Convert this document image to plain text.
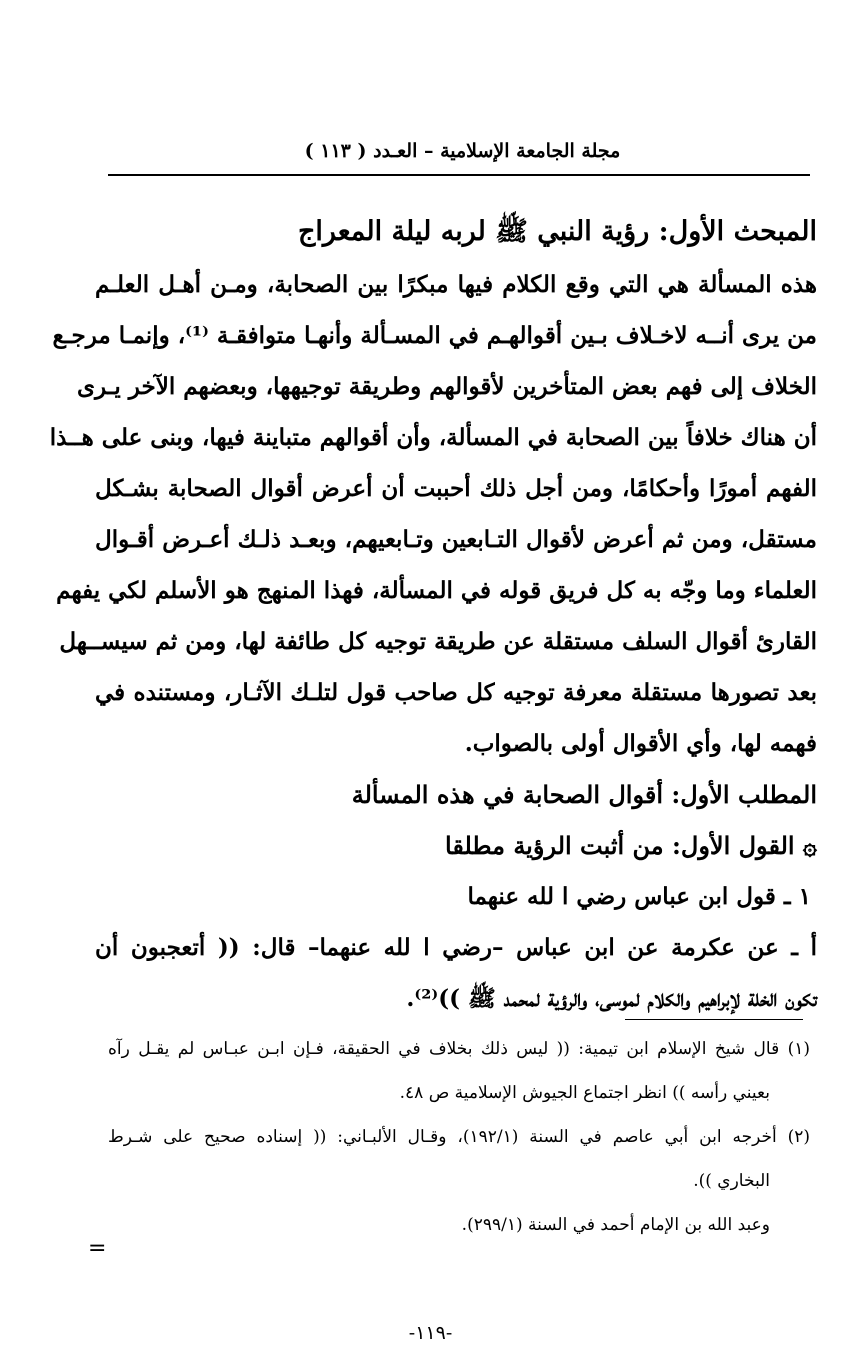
مجلة الجامعة الإسلامية – العـدد ( ١١٣ )
المبحث الأول: رؤية النبي ﷺ لربه ليلة المعراج
هذه المسألة هي التي وقع الكلام فيها مبكرًا بين الصحابة، ومـن أهـل العلـم
من يرى أنــه لاخـلاف بـين أقوالهـم في المسـألة وأنهـا متوافقـة ⁽¹⁾، وإنمـا مرجـع
الخلاف إلى فهم بعض المتأخرين لأقوالهم وطريقة توجيهها، وبعضهم الآخر يـرى
أن هناك خلافاً بين الصحابة في المسألة، وأن أقوالهم متباينة فيها، وبنى على هــذا
الفهم أمورًا وأحكامًا، ومن أجل ذلك أحببت أن أعرض أقوال الصحابة بشـكل
مستقل، ومن ثم أعرض لأقوال التـابعين وتـابعيهم، وبعـد ذلـك أعـرض أقـوال
العلماء وما وجّه به كل فريق قوله في المسألة، فهذا المنهج هو الأسلم لكي يفهم
القارئ أقوال السلف مستقلة عن طريقة توجيه كل طائفة لها، ومن ثم سيســهل
بعد تصورها مستقلة معرفة توجيه كل صاحب قول لتلـك الآثـار، ومستنده في
فهمه لها، وأي الأقوال أولى بالصواب.
المطلب الأول: أقوال الصحابة في هذه المسألة
۞ القول الأول: من أثبت الرؤية مطلقا
١ ـ قول ابن عباس رضي ا لله عنهما
أ ـ عن عكرمة عن ابن عباس –رضي ا لله عنهما– قال: (( أتعجبون أن
تكون الخلة لإبراهيم والكلام لموسى، والرؤية لمحمد ﷺ ))⁽²⁾.
(١) قال شيخ الإسلام ابن تيمية: (( ليس ذلك بخلاف في الحقيقة، فـإن ابـن عبـاس لم يقـل رآه
بعيني رأسه )) انظر اجتماع الجيوش الإسلامية ص ٤٨.
(٢) أخرجه ابن أبي عاصم في السنة (١٩٢/١)، وقـال الألبـاني: (( إسناده صحيح على شـرط
البخاري )).
وعبد الله بن الإمام أحمد في السنة (٢٩٩/١).
=
-١١٩-
